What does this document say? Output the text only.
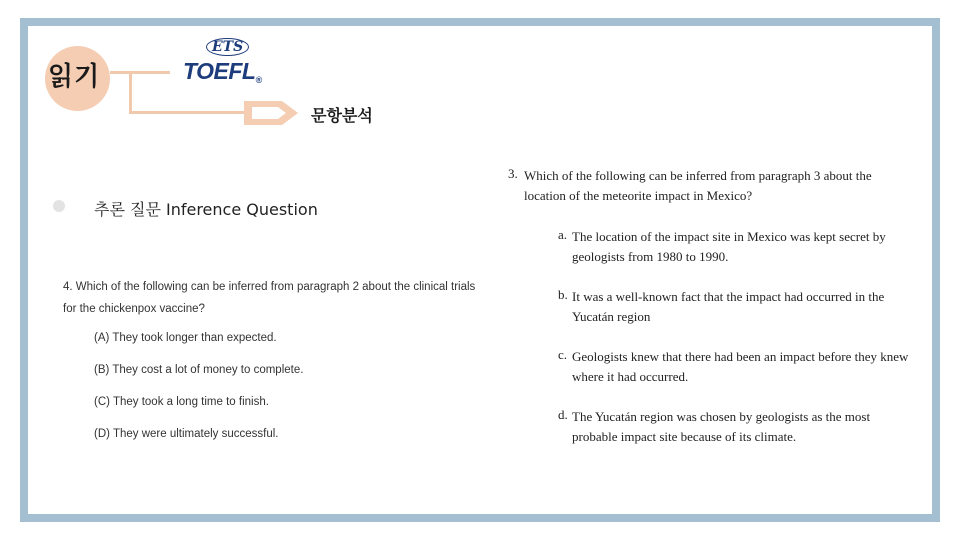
읽기
ETS
TOEFL®
문항분석
추론 질문 Inference Question

4. Which of the following can be inferred from paragraph 2 about the clinical trials for the chickenpox vaccine?

(A) They took longer than expected.
(B) They cost a lot of money to complete.
(C) They took a long time to finish.
(D) They were ultimately successful.
3. Which of the following can be inferred from paragraph 3 about the location of the meteorite impact in Mexico?
a. The location of the impact site in Mexico was kept secret by geologists from 1980 to 1990.
b. It was a well-known fact that the impact had occurred in the Yucatán region
c. Geologists knew that there had been an impact before they knew where it had occurred.
d. The Yucatán region was chosen by geologists as the most probable impact site because of its climate.
